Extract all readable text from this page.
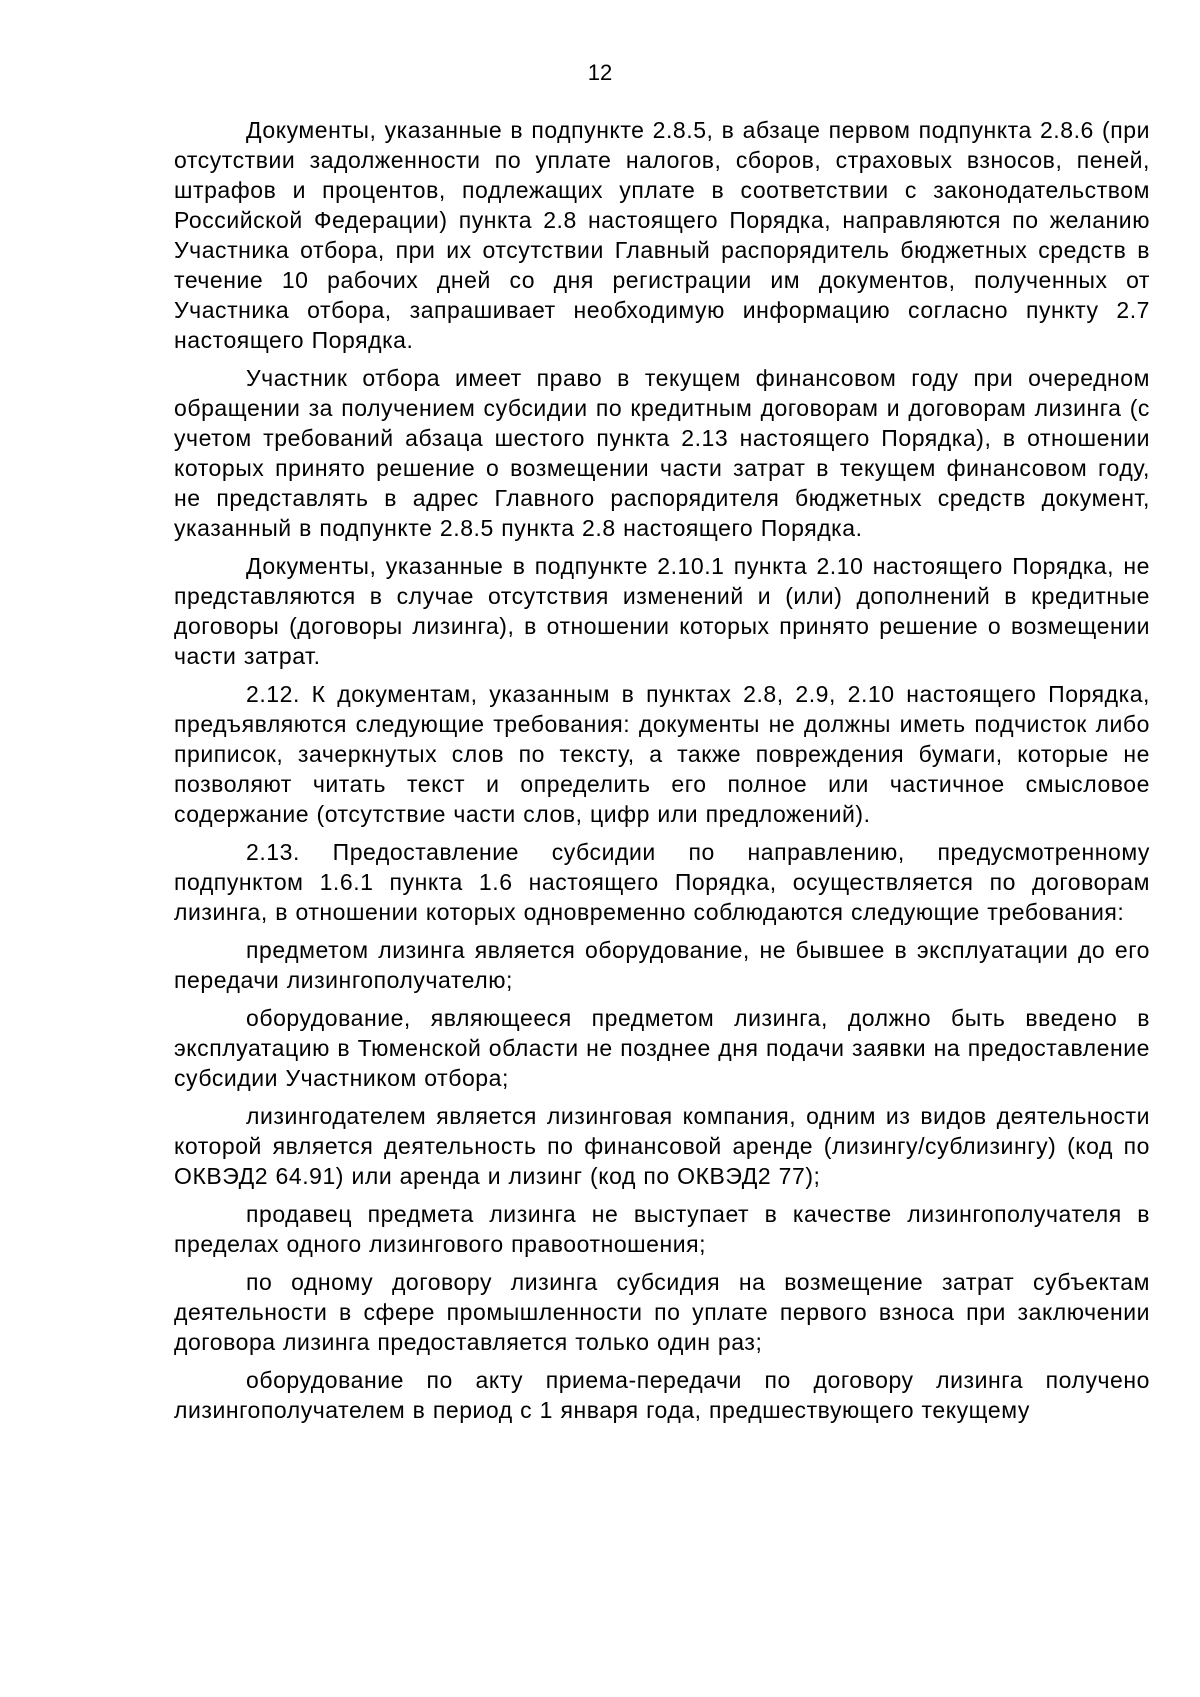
12

Документы, указанные в подпункте 2.8.5, в абзаце первом подпункта 2.8.6 (при отсутствии задолженности по уплате налогов, сборов, страховых взносов, пеней, штрафов и процентов, подлежащих уплате в соответствии с законодательством Российской Федерации) пункта 2.8 настоящего Порядка, направляются по желанию Участника отбора, при их отсутствии Главный распорядитель бюджетных средств в течение 10 рабочих дней со дня регистрации им документов, полученных от Участника отбора, запрашивает необходимую информацию согласно пункту 2.7 настоящего Порядка.

Участник отбора имеет право в текущем финансовом году при очередном обращении за получением субсидии по кредитным договорам и договорам лизинга (с учетом требований абзаца шестого пункта 2.13 настоящего Порядка), в отношении которых принято решение о возмещении части затрат в текущем финансовом году, не представлять в адрес Главного распорядителя бюджетных средств документ, указанный в подпункте 2.8.5 пункта 2.8 настоящего Порядка.

Документы, указанные в подпункте 2.10.1 пункта 2.10 настоящего Порядка, не представляются в случае отсутствия изменений и (или) дополнений в кредитные договоры (договоры лизинга), в отношении которых принято решение о возмещении части затрат.

2.12. К документам, указанным в пунктах 2.8, 2.9, 2.10 настоящего Порядка, предъявляются следующие требования: документы не должны иметь подчисток либо приписок, зачеркнутых слов по тексту, а также повреждения бумаги, которые не позволяют читать текст и определить его полное или частичное смысловое содержание (отсутствие части слов, цифр или предложений).

2.13. Предоставление субсидии по направлению, предусмотренному подпунктом 1.6.1 пункта 1.6 настоящего Порядка, осуществляется по договорам лизинга, в отношении которых одновременно соблюдаются следующие требования:

предметом лизинга является оборудование, не бывшее в эксплуатации до его передачи лизингополучателю;

оборудование, являющееся предметом лизинга, должно быть введено в эксплуатацию в Тюменской области не позднее дня подачи заявки на предоставление субсидии Участником отбора;

лизингодателем является лизинговая компания, одним из видов деятельности которой является деятельность по финансовой аренде (лизингу/сублизингу) (код по ОКВЭД2 64.91) или аренда и лизинг (код по ОКВЭД2 77);

продавец предмета лизинга не выступает в качестве лизингополучателя в пределах одного лизингового правоотношения;

по одному договору лизинга субсидия на возмещение затрат субъектам деятельности в сфере промышленности по уплате первого взноса при заключении договора лизинга предоставляется только один раз;

оборудование по акту приема-передачи по договору лизинга получено лизингополучателем в период с 1 января года, предшествующего текущему
